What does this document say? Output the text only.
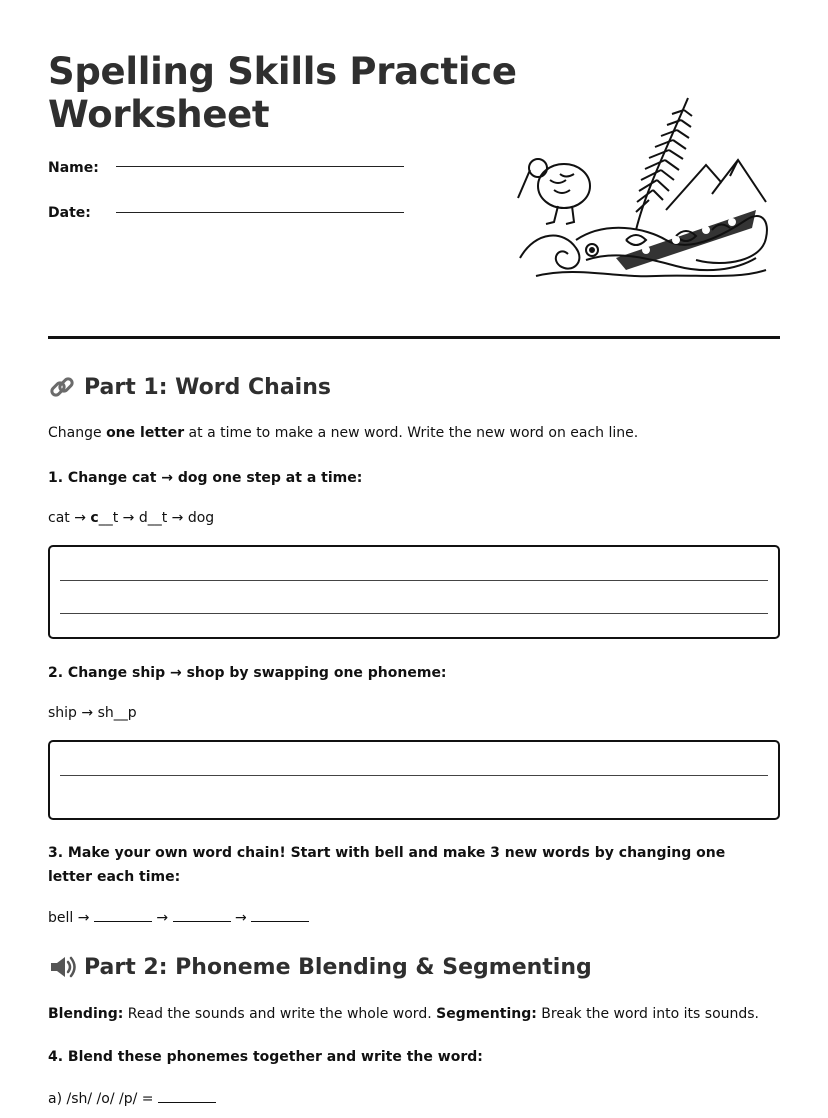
Spelling Skills Practice Worksheet
Name:
Date:
Part 1: Word Chains
Change one letter at a time to make a new word. Write the new word on each line.
1. Change cat → dog one step at a time:
cat → c__t → d__t → dog
2. Change ship → shop by swapping one phoneme:
ship → sh__p
3. Make your own word chain! Start with bell and make 3 new words by changing one letter each time:
bell →	→	→
Part 2: Phoneme Blending & Segmenting
Blending: Read the sounds and write the whole word. Segmenting: Break the word into its sounds.
4. Blend these phonemes together and write the word:
a) /sh/ /o/ /p/ =
